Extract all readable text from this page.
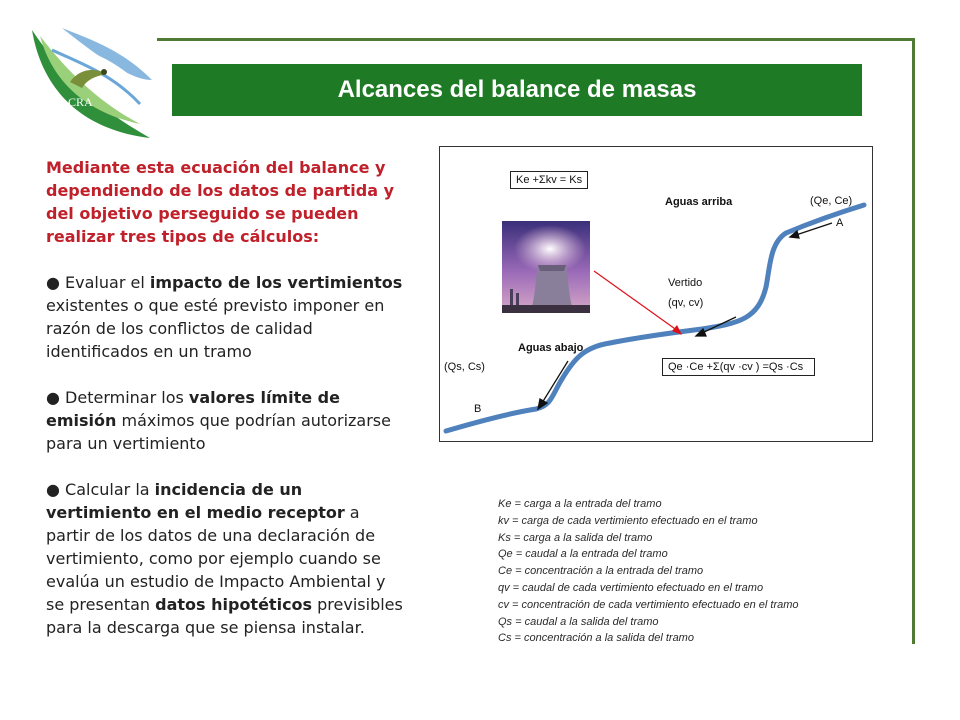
CRA	Alcances del balance de masas

Mediante esta ecuación del balance y dependiendo de los datos de partida y del objetivo perseguido se pueden realizar tres tipos de cálculos:

● Evaluar el impacto de los vertimientos existentes o que esté previsto imponer en razón de los conflictos de calidad identificados en un tramo

● Determinar los valores límite de emisión máximos que podrían autorizarse para un vertimiento

● Calcular la incidencia de un vertimiento en el medio receptor a partir de los datos de una declaración de vertimiento, como por ejemplo cuando se evalúa un estudio de Impacto Ambiental y se presentan datos hipotéticos previsibles para la descarga que se piensa instalar.

Ke +Σkv = Ks
Aguas arriba	(Qe, Ce)
A
Vertido
(qv, cv)
Aguas abajo
(Qs, Cs)
B
Qe ·Ce +Σ(qv ·cv ) =Qs ·Cs
Ke = carga a la entrada del tramo
kv = carga de cada vertimiento efectuado en el tramo
Ks = carga a la salida del tramo
Qe = caudal a la entrada del tramo
Ce = concentración a la entrada del tramo
qv = caudal de cada vertimiento efectuado en el tramo
cv = concentración de cada vertimiento efectuado en el tramo
Qs = caudal a la salida del tramo
Cs = concentración a la salida del tramo
